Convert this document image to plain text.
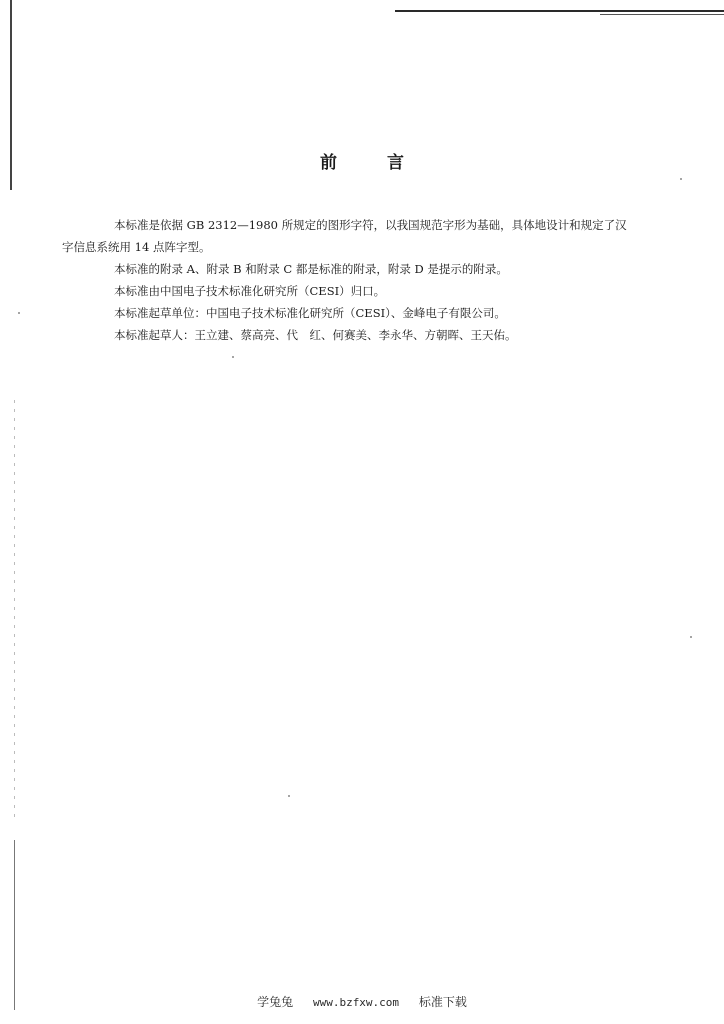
前	言

本标准是依据 GB 2312—1980 所规定的图形字符，以我国规范字形为基础，具体地设计和规定了汉
字信息系统用 14 点阵字型。

本标准的附录 A、附录 B 和附录 C 都是标准的附录，附录 D 是提示的附录。

本标准由中国电子技术标准化研究所（CESI）归口。

本标准起草单位：中国电子技术标准化研究所（CESI）、金峰电子有限公司。

本标准起草人：王立建、蔡高亮、代　红、何赛美、李永华、方朝晖、王天佑。

学兔兔 www.bzfxw.com 标准下载
